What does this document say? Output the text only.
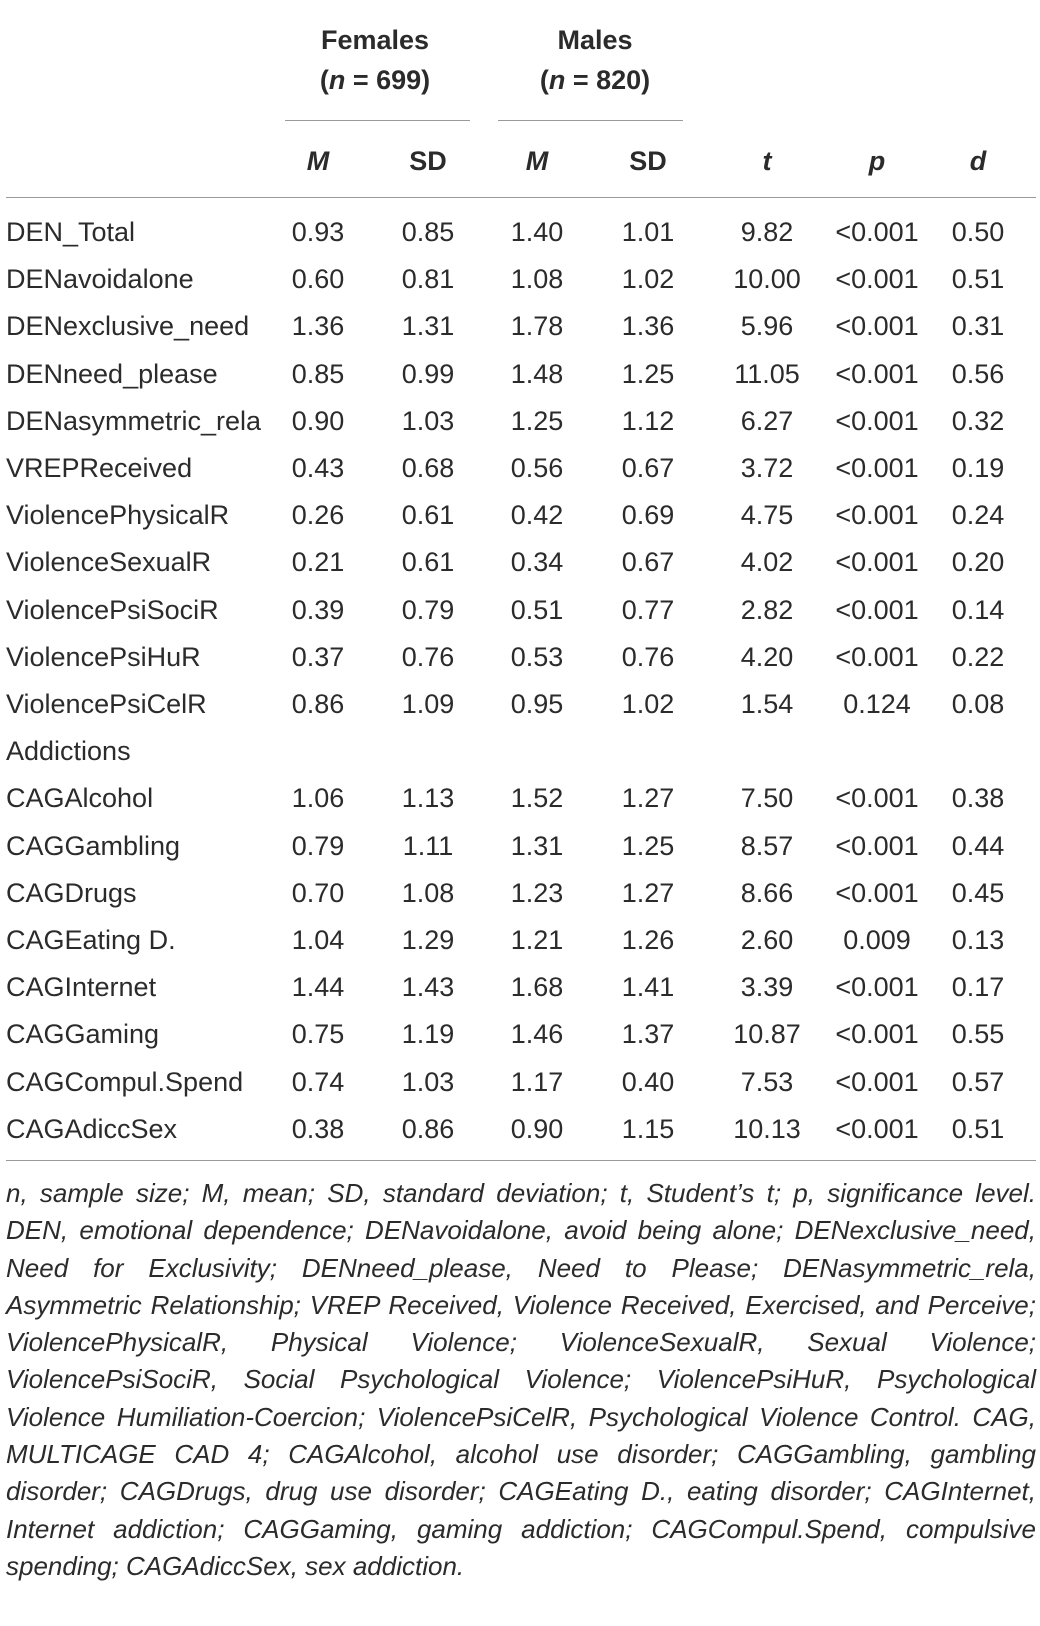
Females
(n = 699)
Males
(n = 820)
M	SD	M	SD	t	p	d
DEN_Total	0.93	0.85	1.40	1.01	9.82	<0.001	0.50
DENavoidalone	0.60	0.81	1.08	1.02	10.00	<0.001	0.51
DENexclusive_need	1.36	1.31	1.78	1.36	5.96	<0.001	0.31
DENneed_please	0.85	0.99	1.48	1.25	11.05	<0.001	0.56
DENasymmetric_rela	0.90	1.03	1.25	1.12	6.27	<0.001	0.32
VREPReceived	0.43	0.68	0.56	0.67	3.72	<0.001	0.19
ViolencePhysicalR	0.26	0.61	0.42	0.69	4.75	<0.001	0.24
ViolenceSexualR	0.21	0.61	0.34	0.67	4.02	<0.001	0.20
ViolencePsiSociR	0.39	0.79	0.51	0.77	2.82	<0.001	0.14
ViolencePsiHuR	0.37	0.76	0.53	0.76	4.20	<0.001	0.22
ViolencePsiCelR	0.86	1.09	0.95	1.02	1.54	0.124	0.08
Addictions
CAGAlcohol	1.06	1.13	1.52	1.27	7.50	<0.001	0.38
CAGGambling	0.79	1.11	1.31	1.25	8.57	<0.001	0.44
CAGDrugs	0.70	1.08	1.23	1.27	8.66	<0.001	0.45
CAGEating D.	1.04	1.29	1.21	1.26	2.60	0.009	0.13
CAGInternet	1.44	1.43	1.68	1.41	3.39	<0.001	0.17
CAGGaming	0.75	1.19	1.46	1.37	10.87	<0.001	0.55
CAGCompul.Spend	0.74	1.03	1.17	0.40	7.53	<0.001	0.57
CAGAdiccSex	0.38	0.86	0.90	1.15	10.13	<0.001	0.51
n, sample size; M, mean; SD, standard deviation; t, Student’s t; p, significance level. DEN, emotional dependence; DENavoidalone, avoid being alone; DENexclusive_need, Need for Exclusivity; DENneed_please, Need to Please; DENasymmetric_rela, Asymmetric Relationship; VREP Received, Violence Received, Exercised, and Perceive; ViolencePhysicalR, Physical Violence; ViolenceSexualR, Sexual Violence; ViolencePsiSociR, Social Psychological Violence; ViolencePsiHuR, Psychological Violence Humiliation-Coercion; ViolencePsiCelR, Psychological Violence Control. CAG, MULTICAGE CAD 4; CAGAlcohol, alcohol use disorder; CAGGambling, gambling disorder; CAGDrugs, drug use disorder; CAGEating D., eating disorder; CAGInternet, Internet addiction; CAGGaming, gaming addiction; CAGCompul.Spend, compulsive spending; CAGAdiccSex, sex addiction.
